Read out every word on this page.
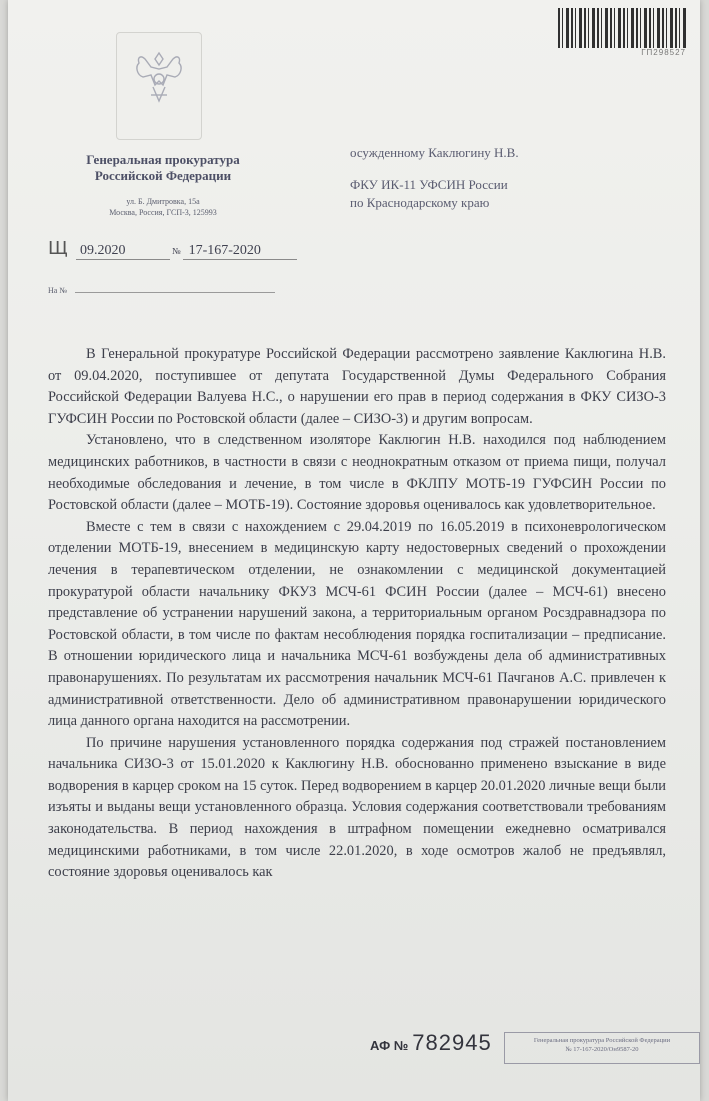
ГП298527
Генеральная прокуратура
Российской Федерации
ул. Б. Дмитровка, 15а
Москва, Россия, ГСП-3, 125993
осужденному Каклюгину Н.В.
ФКУ ИК-11 УФСИН России
по Краснодарскому краю
Щ 09.2020	№ 17-167-2020
На №

В Генеральной прокуратуре Российской Федерации рассмотрено заявление Каклюгина Н.В. от 09.04.2020, поступившее от депутата Государственной Думы Федерального Собрания Российской Федерации Валуева Н.С., о нарушении его прав в период содержания в ФКУ СИЗО-3 ГУФСИН России по Ростовской области (далее – СИЗО-3) и другим вопросам.

Установлено, что в следственном изоляторе Каклюгин Н.В. находился под наблюдением медицинских работников, в частности в связи с неоднократным отказом от приема пищи, получал необходимые обследования и лечение, в том числе в ФКЛПУ МОТБ-19 ГУФСИН России по Ростовской области (далее – МОТБ-19). Состояние здоровья оценивалось как удовлетворительное.

Вместе с тем в связи с нахождением с 29.04.2019 по 16.05.2019 в психоневрологическом отделении МОТБ-19, внесением в медицинскую карту недостоверных сведений о прохождении лечения в терапевтическом отделении, не ознакомлении с медицинской документацией прокуратурой области начальнику ФКУЗ МСЧ-61 ФСИН России (далее – МСЧ-61) внесено представление об устранении нарушений закона, а территориальным органом Росздравнадзора по Ростовской области, в том числе по фактам несоблюдения порядка госпитализации – предписание. В отношении юридического лица и начальника МСЧ-61 возбуждены дела об административных правонарушениях. По результатам их рассмотрения начальник МСЧ-61 Пачганов А.С. привлечен к административной ответственности. Дело об административном правонарушении юридического лица данного органа находится на рассмотрении.

По причине нарушения установленного порядка содержания под стражей постановлением начальника СИЗО-3 от 15.01.2020 к Каклюгину Н.В. обоснованно применено взыскание в виде водворения в карцер сроком на 15 суток. Перед водворением в карцер 20.01.2020 личные вещи были изъяты и выданы вещи установленного образца. Условия содержания соответствовали требованиям законодательства. В период нахождения в штрафном помещении ежедневно осматривался медицинскими работниками, в том числе 22.01.2020, в ходе осмотров жалоб не предъявлял, состояние здоровья оценивалось как

АФ № 782945	Генеральная прокуратура Российской Федерации
№ 17-167-2020/Он9587-20
